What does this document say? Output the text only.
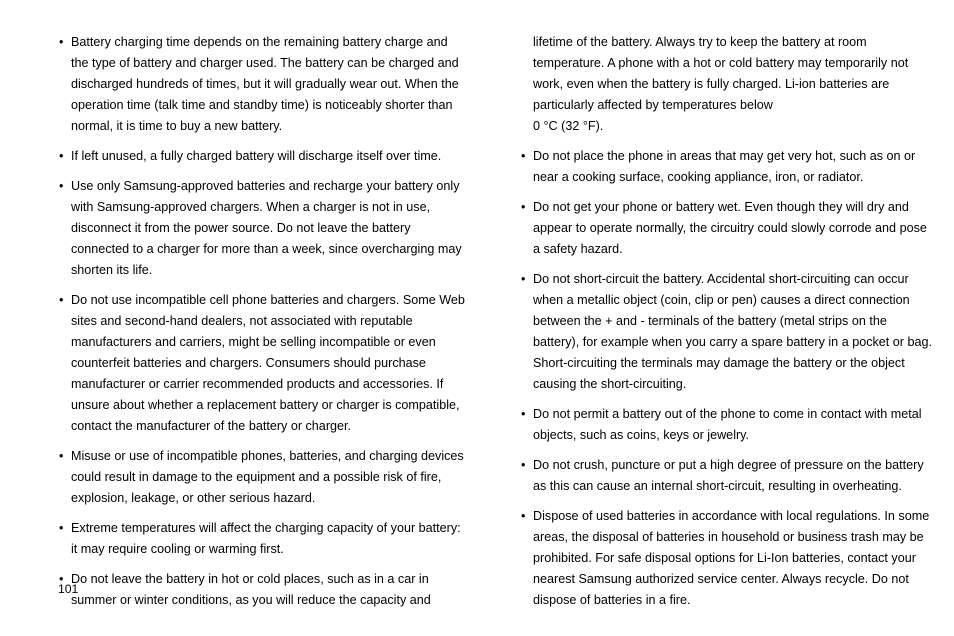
• Battery charging time depends on the remaining battery charge and the type of battery and charger used. The battery can be charged and discharged hundreds of times, but it will gradually wear out. When the operation time (talk time and standby time) is noticeably shorter than normal, it is time to buy a new battery.
• If left unused, a fully charged battery will discharge itself over time.
• Use only Samsung-approved batteries and recharge your battery only with Samsung-approved chargers. When a charger is not in use, disconnect it from the power source. Do not leave the battery connected to a charger for more than a week, since overcharging may shorten its life.
• Do not use incompatible cell phone batteries and chargers. Some Web sites and second-hand dealers, not associated with reputable manufacturers and carriers, might be selling incompatible or even counterfeit batteries and chargers. Consumers should purchase manufacturer or carrier recommended products and accessories. If unsure about whether a replacement battery or charger is compatible, contact the manufacturer of the battery or charger.
• Misuse or use of incompatible phones, batteries, and charging devices could result in damage to the equipment and a possible risk of fire, explosion, leakage, or other serious hazard.
• Extreme temperatures will affect the charging capacity of your battery: it may require cooling or warming first.
• Do not leave the battery in hot or cold places, such as in a car in summer or winter conditions, as you will reduce the capacity and
lifetime of the battery. Always try to keep the battery at room temperature. A phone with a hot or cold battery may temporarily not work, even when the battery is fully charged. Li-ion batteries are particularly affected by temperatures below
0 °C (32 °F).
• Do not place the phone in areas that may get very hot, such as on or near a cooking surface, cooking appliance, iron, or radiator.
• Do not get your phone or battery wet. Even though they will dry and appear to operate normally, the circuitry could slowly corrode and pose a safety hazard.
• Do not short-circuit the battery. Accidental short-circuiting can occur when a metallic object (coin, clip or pen) causes a direct connection between the + and - terminals of the battery (metal strips on the battery), for example when you carry a spare battery in a pocket or bag. Short-circuiting the terminals may damage the battery or the object causing the short-circuiting.
• Do not permit a battery out of the phone to come in contact with metal objects, such as coins, keys or jewelry.
• Do not crush, puncture or put a high degree of pressure on the battery as this can cause an internal short-circuit, resulting in overheating.
• Dispose of used batteries in accordance with local regulations. In some areas, the disposal of batteries in household or business trash may be prohibited. For safe disposal options for Li-Ion batteries, contact your nearest Samsung authorized service center. Always recycle. Do not dispose of batteries in a fire.
101
